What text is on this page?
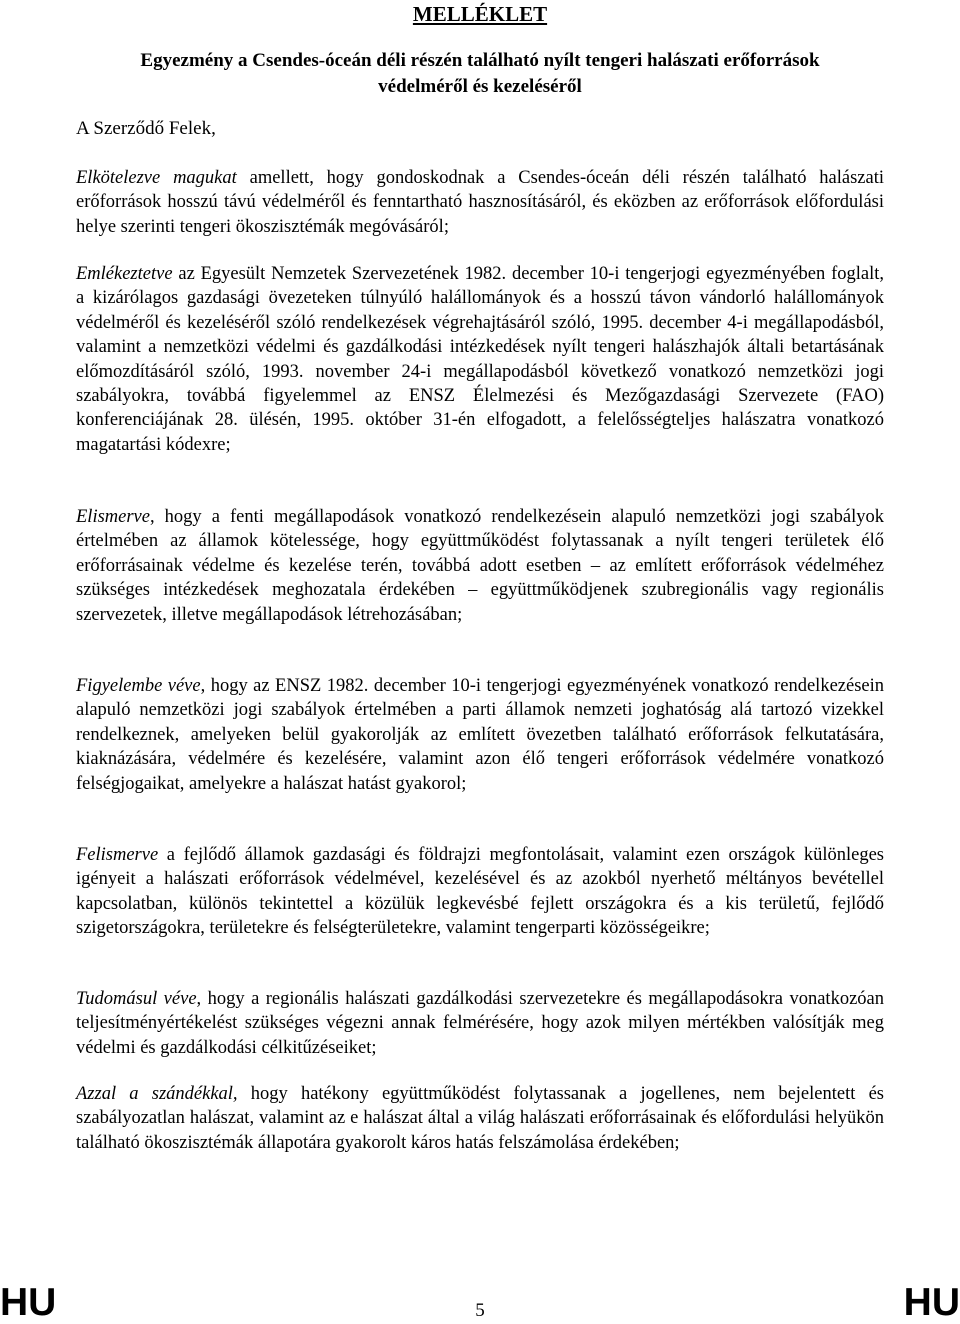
MELLÉKLET
Egyezmény a Csendes-óceán déli részén található nyílt tengeri halászati erőforrások
védelméről és kezeléséről
A Szerződő Felek,

Elkötelezve magukat amellett, hogy gondoskodnak a Csendes-óceán déli részén található halászati erőforrások hosszú távú védelméről és fenntartható hasznosításáról, és eközben az erőforrások előfordulási helye szerinti tengeri ökoszisztémák megóvásáról;

Emlékeztetve az Egyesült Nemzetek Szervezetének 1982. december 10-i tengerjogi egyezményében foglalt, a kizárólagos gazdasági övezeteken túlnyúló halállományok és a hosszú távon vándorló halállományok védelméről és kezeléséről szóló rendelkezések végrehajtásáról szóló, 1995. december 4-i megállapodásból, valamint a nemzetközi védelmi és gazdálkodási intézkedések nyílt tengeri halászhajók általi betartásának előmozdításáról szóló, 1993. november 24-i megállapodásból következő vonatkozó nemzetközi jogi szabályokra, továbbá figyelemmel az ENSZ Élelmezési és Mezőgazdasági Szervezete (FAO) konferenciájának 28. ülésén, 1995. október 31-én elfogadott, a felelősségteljes halászatra vonatkozó magatartási kódexre;

Elismerve, hogy a fenti megállapodások vonatkozó rendelkezésein alapuló nemzetközi jogi szabályok értelmében az államok kötelessége, hogy együttműködést folytassanak a nyílt tengeri területek élő erőforrásainak védelme és kezelése terén, továbbá adott esetben – az említett erőforrások védelméhez szükséges intézkedések meghozatala érdekében – együttműködjenek szubregionális vagy regionális szervezetek, illetve megállapodások létrehozásában;

Figyelembe véve, hogy az ENSZ 1982. december 10-i tengerjogi egyezményének vonatkozó rendelkezésein alapuló nemzetközi jogi szabályok értelmében a parti államok nemzeti joghatóság alá tartozó vizekkel rendelkeznek, amelyeken belül gyakorolják az említett övezetben található erőforrások felkutatására, kiaknázására, védelmére és kezelésére, valamint azon élő tengeri erőforrások védelmére vonatkozó felségjogaikat, amelyekre a halászat hatást gyakorol;

Felismerve a fejlődő államok gazdasági és földrajzi megfontolásait, valamint ezen országok különleges igényeit a halászati erőforrások védelmével, kezelésével és az azokból nyerhető méltányos bevétellel kapcsolatban, különös tekintettel a közülük legkevésbé fejlett országokra és a kis területű, fejlődő szigetországokra, területekre és felségterületekre, valamint tengerparti közösségeikre;

Tudomásul véve, hogy a regionális halászati gazdálkodási szervezetekre és megállapodásokra vonatkozóan teljesítményértékelést szükséges végezni annak felmérésére, hogy azok milyen mértékben valósítják meg védelmi és gazdálkodási célkitűzéseiket;

Azzal a szándékkal, hogy hatékony együttműködést folytassanak a jogellenes, nem bejelentett és szabályozatlan halászat, valamint az e halászat által a világ halászati erőforrásainak és előfordulási helyükön található ökoszisztémák állapotára gyakorolt káros hatás felszámolása érdekében;

HU	5	HU
